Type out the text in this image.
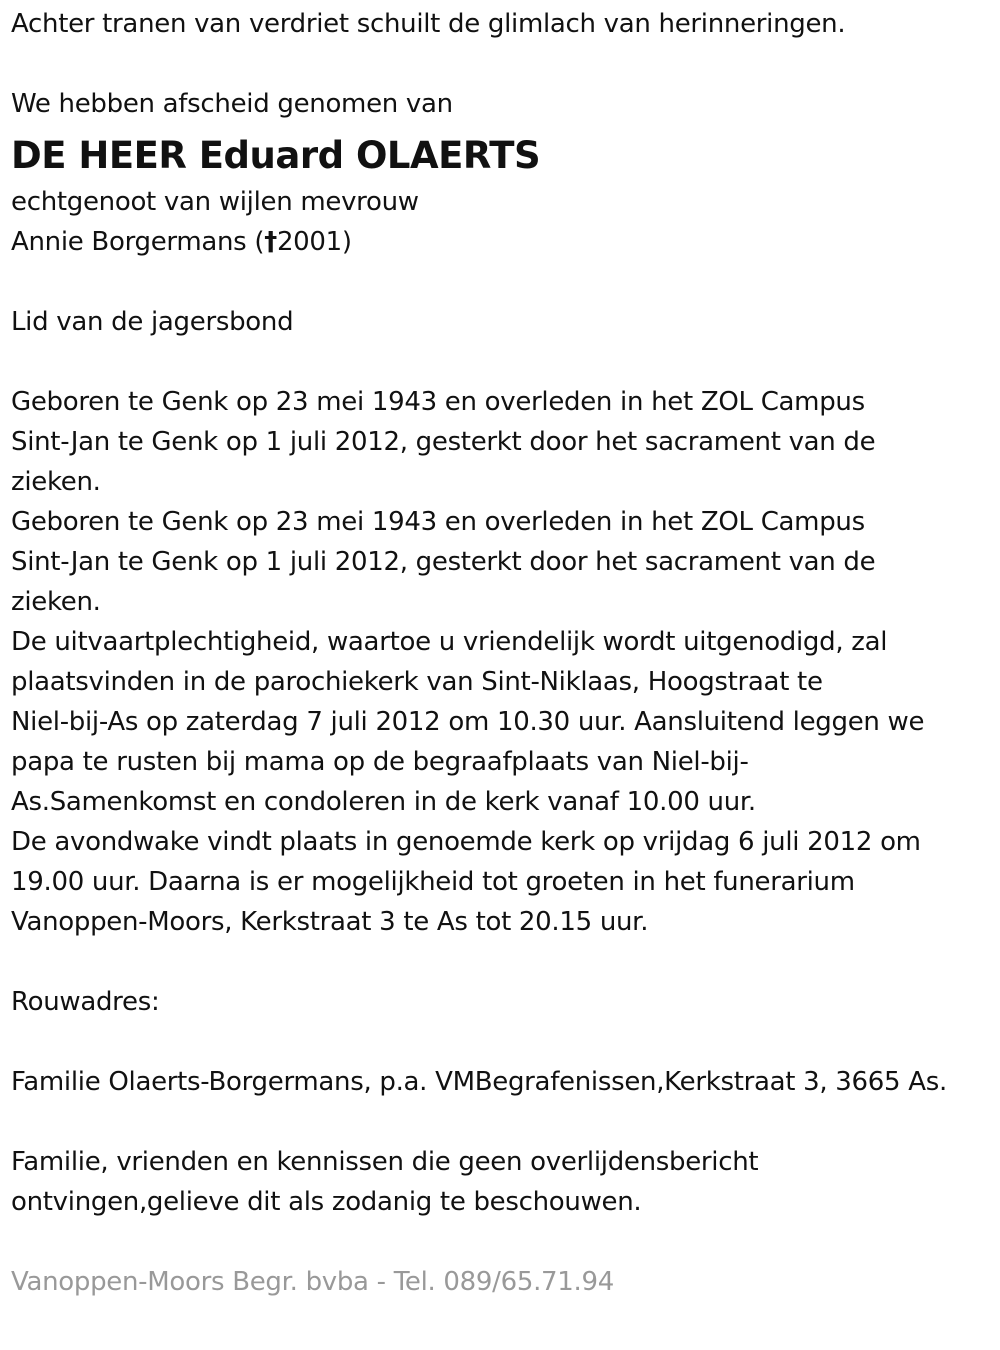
Achter tranen van verdriet schuilt de glimlach van herinneringen.

We hebben afscheid genomen van

DE HEER Eduard OLAERTS

echtgenoot van wijlen mevrouw

Annie Borgermans (†2001)

Lid van de jagersbond

Geboren te Genk op 23 mei 1943 en overleden in het ZOL Campus

Sint-Jan te Genk op 1 juli 2012, gesterkt door het sacrament van de

zieken.

Geboren te Genk op 23 mei 1943 en overleden in het ZOL Campus

Sint-Jan te Genk op 1 juli 2012, gesterkt door het sacrament van de

zieken.

De uitvaartplechtigheid, waartoe u vriendelijk wordt uitgenodigd, zal

plaatsvinden in de parochiekerk van Sint-Niklaas, Hoogstraat te

Niel-bij-As op zaterdag 7 juli 2012 om 10.30 uur. Aansluitend leggen we

papa te rusten bij mama op de begraafplaats van Niel-bij-

As.Samenkomst en condoleren in de kerk vanaf 10.00 uur.

De avondwake vindt plaats in genoemde kerk op vrijdag 6 juli 2012 om

19.00 uur. Daarna is er mogelijkheid tot groeten in het funerarium

Vanoppen-Moors, Kerkstraat 3 te As tot 20.15 uur.

Rouwadres:

Familie Olaerts-Borgermans, p.a. VMBegrafenissen,Kerkstraat 3, 3665 As.

Familie, vrienden en kennissen die geen overlijdensbericht

ontvingen,gelieve dit als zodanig te beschouwen.

Vanoppen-Moors Begr. bvba - Tel. 089/65.71.94
